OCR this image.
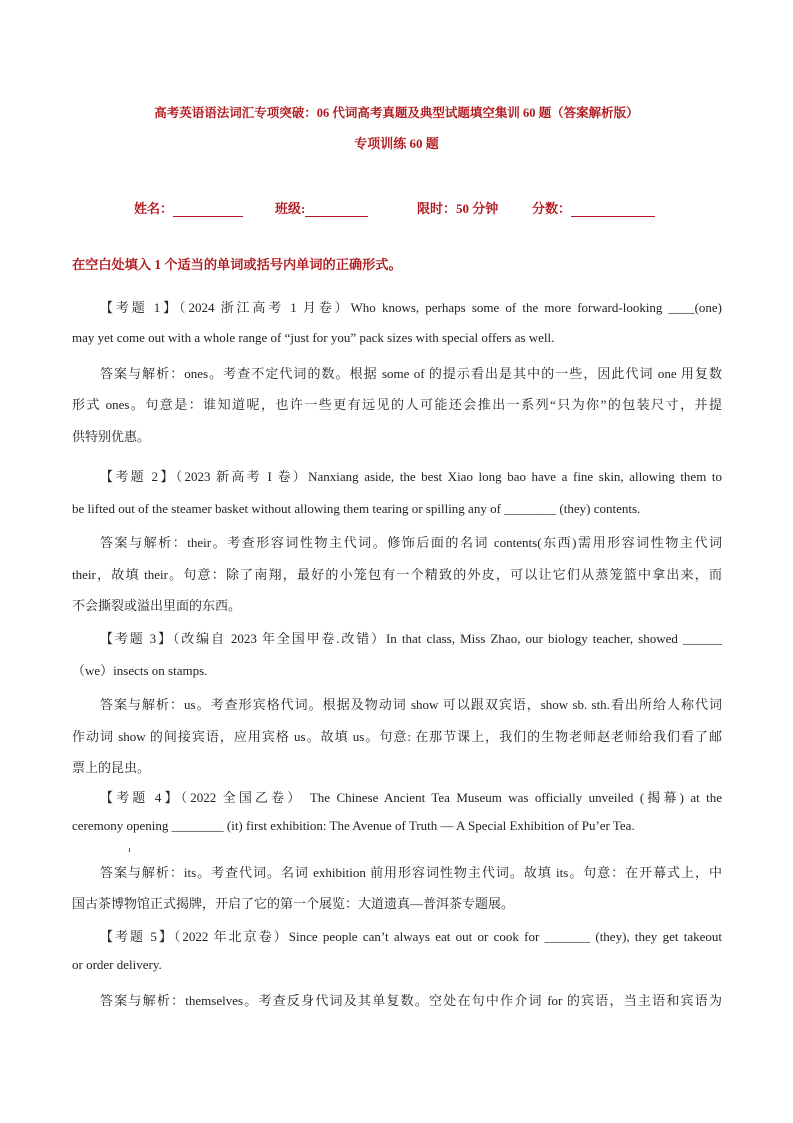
高考英语语法词汇专项突破：06 代词高考真题及典型试题填空集训 60 题（答案解析版）
专项训练 60 题
姓名：	班级:	限时：50 分钟	分数：
在空白处填入 1 个适当的单词或括号内单词的正确形式。
【考题 1】（2024 浙江高考 1 月卷）Who knows, perhaps some of the more forward-looking ____(one)
may yet come out with a whole range of “just for you” pack sizes with special offers as well.
答案与解析：ones。考查不定代词的数。根据 some of 的提示看出是其中的一些，因此代词 one 用复数
形式 ones。句意是：谁知道呢，也许一些更有远见的人可能还会推出一系列“只为你”的包装尺寸，并提
供特别优惠。
【考题 2】（2023 新高考 I 卷）Nanxiang aside, the best Xiao long bao have a fine skin, allowing them to
be lifted out of the steamer basket without allowing them tearing or spilling any of ________ (they) contents.
答案与解析：their。考查形容词性物主代词。修饰后面的名词 contents(东西)需用形容词性物主代词
their，故填 their。句意：除了南翔，最好的小笼包有一个精致的外皮，可以让它们从蒸笼篮中拿出来，而
不会撕裂或溢出里面的东西。
【考题 3】（改编自 2023 年全国甲卷.改错）In that class, Miss Zhao, our biology teacher, showed ______
（we）insects on stamps.
答案与解析：us。考查形宾格代词。根据及物动词 show 可以跟双宾语，show sb. sth.看出所给人称代词
作动词 show 的间接宾语，应用宾格 us。故填 us。句意: 在那节课上，我们的生物老师赵老师给我们看了邮
票上的昆虫。
【考题 4】（2022 全国乙卷） The Chinese Ancient Tea Museum was officially unveiled (揭幕) at the
ceremony opening ________ (it) first exhibition: The Avenue of Truth — A Special Exhibition of Pu’er Tea.
答案与解析：its。考查代词。名词 exhibition 前用形容词性物主代词。故填 its。句意：在开幕式上，中
国古茶博物馆正式揭牌，开启了它的第一个展览：大道遗真—普洱茶专题展。
【考题 5】（2022 年北京卷）Since people can’t always eat out or cook for _______ (they), they get takeout
or order delivery.
答案与解析：themselves。考查反身代词及其单复数。空处在句中作介词 for 的宾语，当主语和宾语为
